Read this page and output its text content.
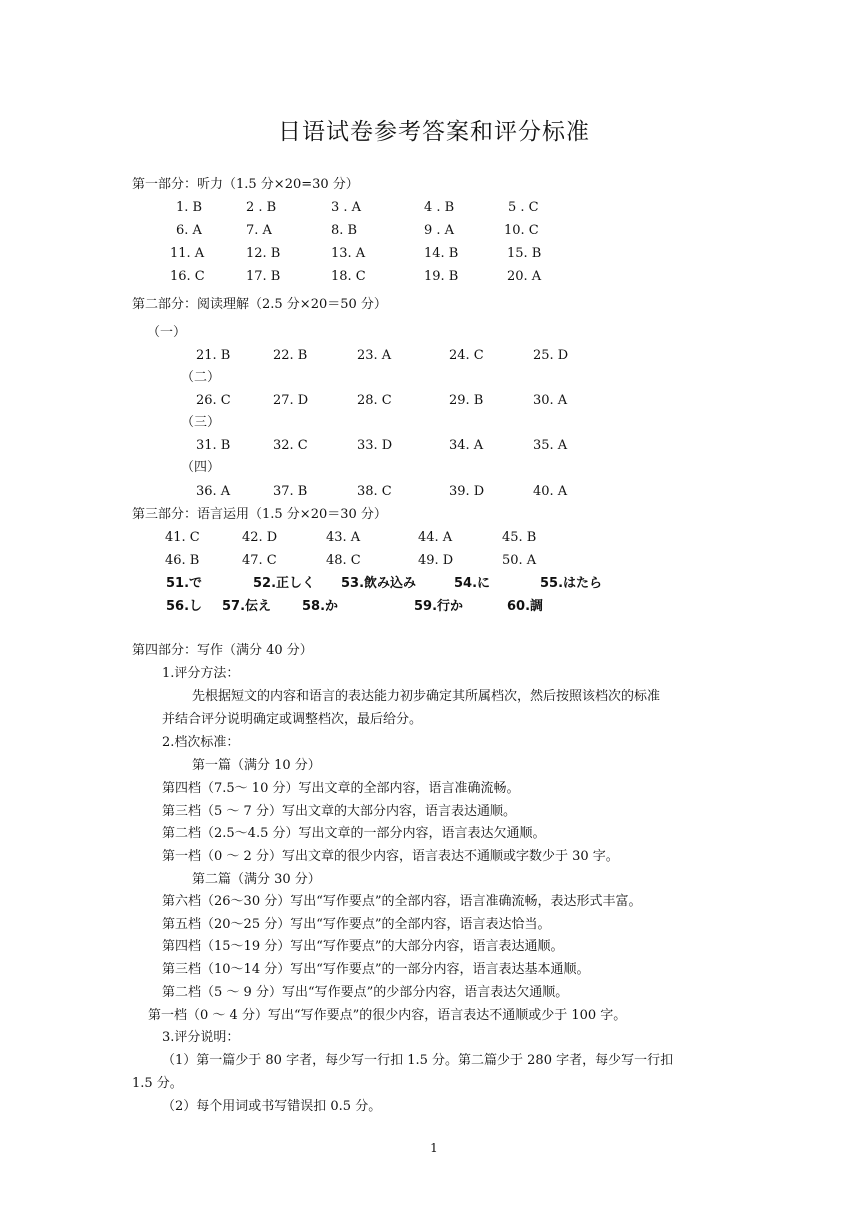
日语试卷参考答案和评分标准
第一部分：听力（1.5 分×20=30 分）
1. B	2 . B	3 . A	4 . B	5 . C
6. A	7. A	8. B	9 . A	10. C
11. A	12. B	13. A	14. B	15. B
16. C	17. B	18. C	19. B	20. A
第二部分：阅读理解（2.5 分×20＝50 分）
（一）
21. B	22. B	23. A	24. C	25. D
（二）
26. C	27. D	28. C	29. B	30. A
（三）
31. B	32. C	33. D	34. A	35. A
（四）
36. A	37. B	38. C	39. D	40. A
第三部分：语言运用（1.5 分×20＝30 分）
41. C	42. D	43. A	44. A	45. B
46. B	47. C	48. C	49. D	50. A
51.で	52.正しく 53.飲み込み	54.に	55.はたら
56.し 57.伝え 58.か	59.行か	60.調
第四部分：写作（满分 40 分）
1.评分方法：
先根据短文的内容和语言的表达能力初步确定其所属档次，然后按照该档次的标准
并结合评分说明确定或调整档次，最后给分。
2.档次标准：
第一篇（满分 10 分）
第四档（7.5～ 10 分）写出文章的全部内容，语言准确流畅。
第三档（5 ～ 7 分）写出文章的大部分内容，语言表达通顺。
第二档（2.5～4.5 分）写出文章的一部分内容，语言表达欠通顺。
第一档（0 ～ 2 分）写出文章的很少内容，语言表达不通顺或字数少于 30 字。
第二篇（满分 30 分）
第六档（26～30 分）写出“写作要点”的全部内容，语言准确流畅，表达形式丰富。
第五档（20～25 分）写出“写作要点”的全部内容，语言表达恰当。
第四档（15～19 分）写出“写作要点”的大部分内容，语言表达通顺。
第三档（10～14 分）写出“写作要点”的一部分内容，语言表达基本通顺。
第二档（5 ～ 9 分）写出“写作要点”的少部分内容，语言表达欠通顺。
第一档（0 ～ 4 分）写出“写作要点”的很少内容，语言表达不通顺或少于 100 字。
3.评分说明：
（1）第一篇少于 80 字者，每少写一行扣 1.5 分。第二篇少于 280 字者，每少写一行扣
1.5 分。
（2）每个用词或书写错误扣 0.5 分。
1
